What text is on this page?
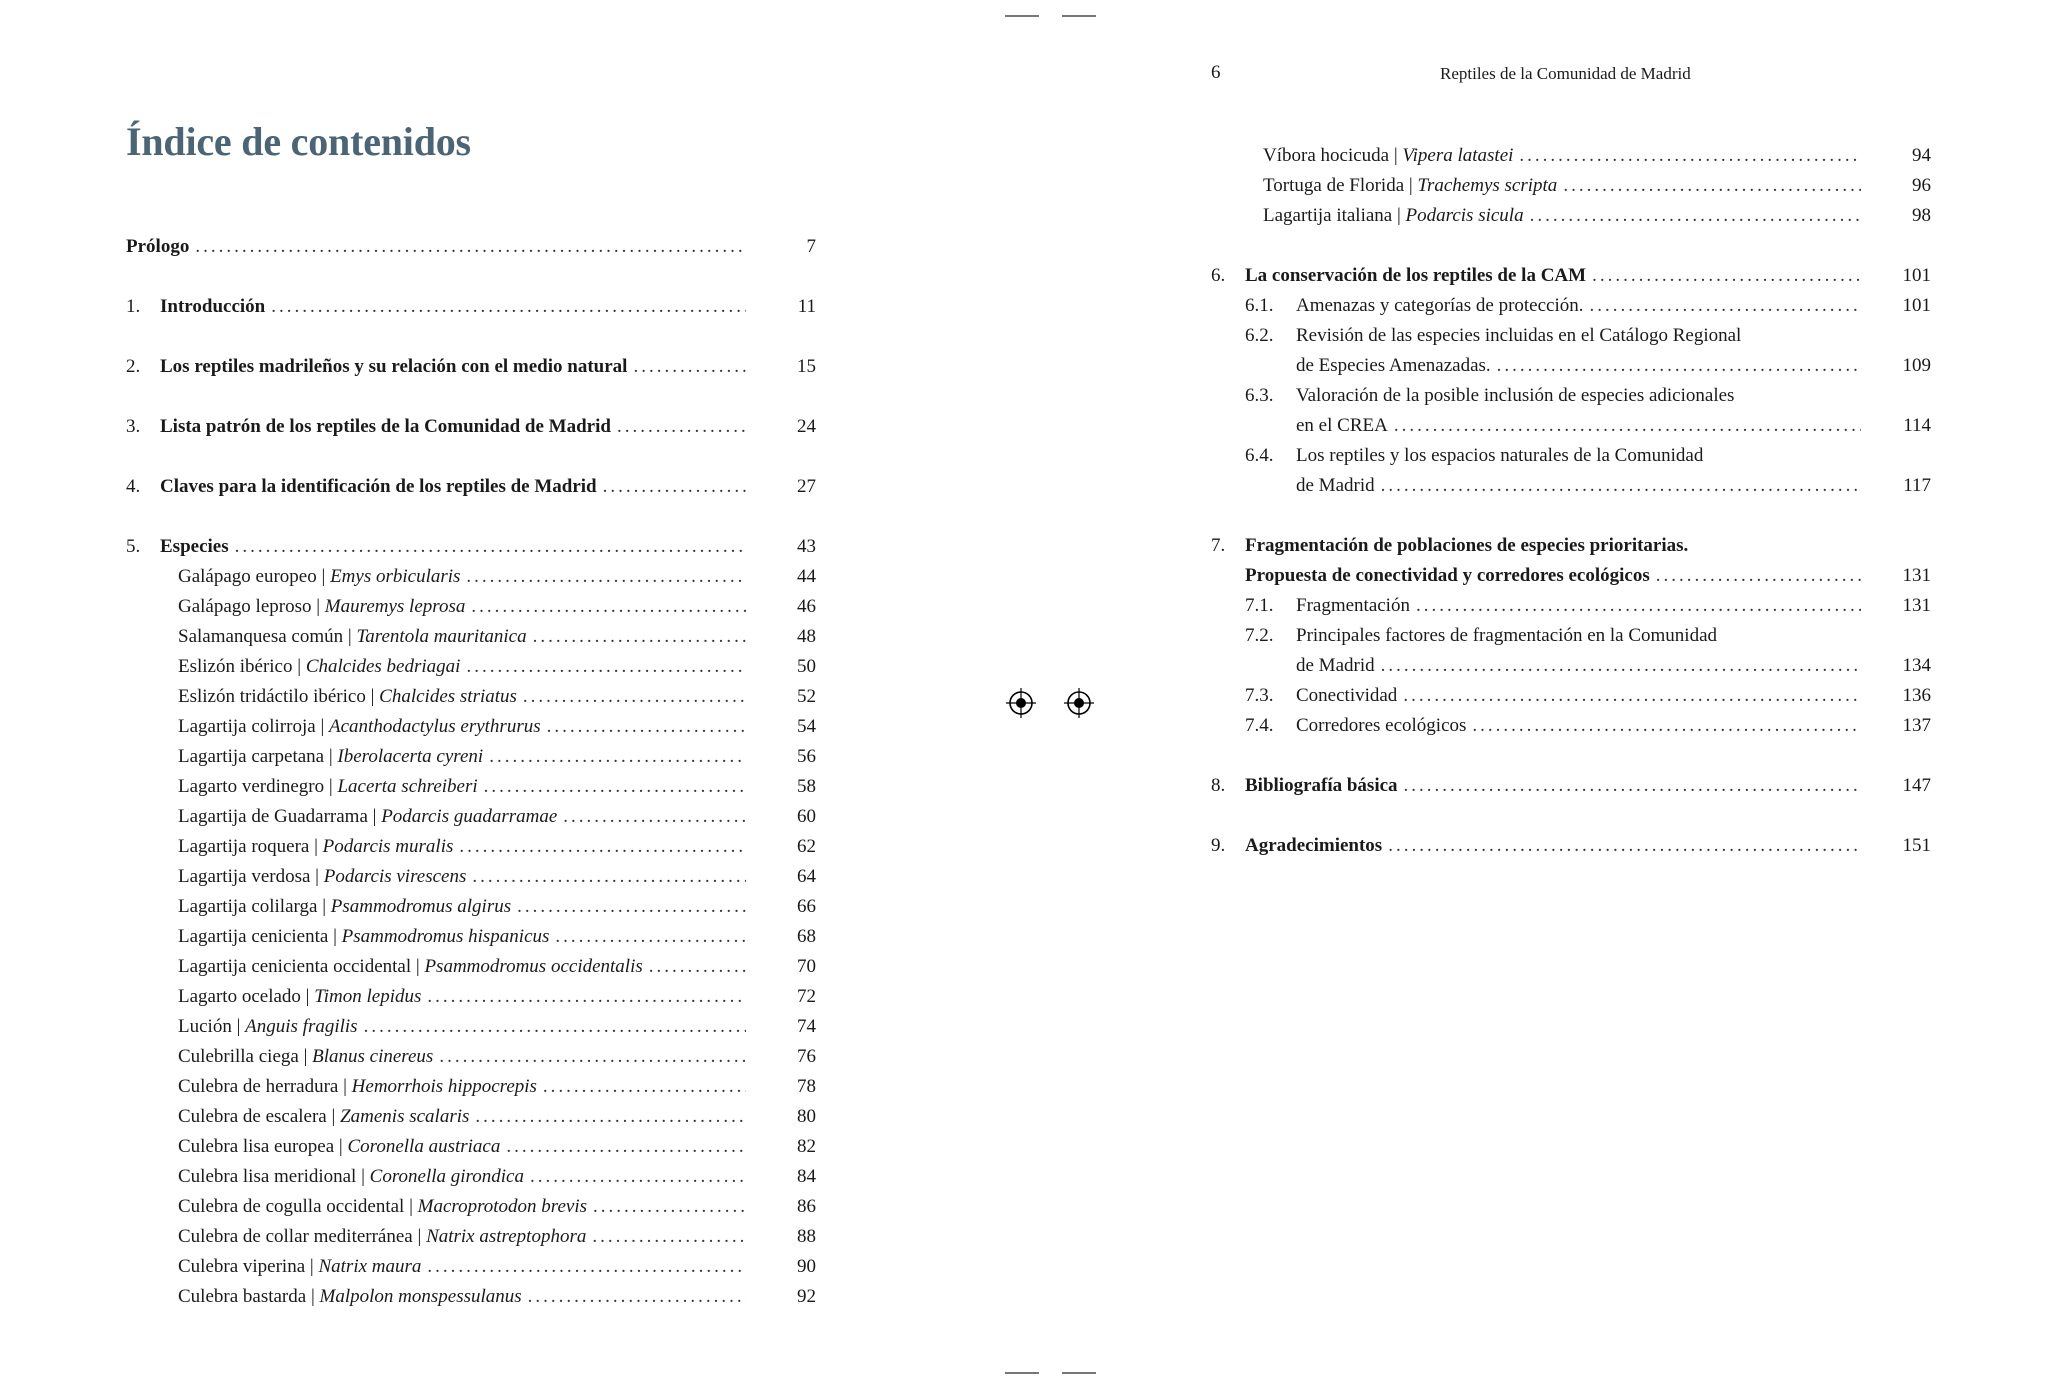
Índice de contenidos
Prólogo .....	7
1.	Introducción .....	11
2.	Los reptiles madrileños y su relación con el medio natural .....	15
3.	Lista patrón de los reptiles de la Comunidad de Madrid .....	24
4.	Claves para la identificación de los reptiles de Madrid .....	27
5.	Especies .....	43
Galápago europeo | Emys orbicularis .....	44
Galápago leproso | Mauremys leprosa .....	46
Salamanquesa común | Tarentola mauritanica .....	48
Eslizón ibérico | Chalcides bedriagai .....	50
Eslizón tridáctilo ibérico | Chalcides striatus .....	52
Lagartija colirroja | Acanthodactylus erythrurus .....	54
Lagartija carpetana | Iberolacerta cyreni .....	56
Lagarto verdinegro | Lacerta schreiberi .....	58
Lagartija de Guadarrama | Podarcis guadarramae .....	60
Lagartija roquera | Podarcis muralis .....	62
Lagartija verdosa | Podarcis virescens .....	64
Lagartija colilarga | Psammodromus algirus .....	66
Lagartija cenicienta | Psammodromus hispanicus .....	68
Lagartija cenicienta occidental | Psammodromus occidentalis .....	70
Lagarto ocelado | Timon lepidus .....	72
Lución | Anguis fragilis .....	74
Culebrilla ciega | Blanus cinereus .....	76
Culebra de herradura | Hemorrhois hippocrepis .....	78
Culebra de escalera | Zamenis scalaris .....	80
Culebra lisa europea | Coronella austriaca .....	82
Culebra lisa meridional | Coronella girondica .....	84
Culebra de cogulla occidental | Macroprotodon brevis .....	86
Culebra de collar mediterránea | Natrix astreptophora .....	88
Culebra viperina | Natrix maura .....	90
Culebra bastarda | Malpolon monspessulanus .....	92
6	Reptiles de la Comunidad de Madrid
Víbora hocicuda | Vipera latastei .....	94
Tortuga de Florida | Trachemys scripta .....	96
Lagartija italiana | Podarcis sicula .....	98
6.	La conservación de los reptiles de la CAM .....	101
6.1.	Amenazas y categorías de protección. .....	101
6.2.	Revisión de las especies incluidas en el Catálogo Regional
de Especies Amenazadas. .....	109
6.3.	Valoración de la posible inclusión de especies adicionales
en el CREA .....	114
6.4.	Los reptiles y los espacios naturales de la Comunidad
de Madrid .....	117
7.	Fragmentación de poblaciones de especies prioritarias.
Propuesta de conectividad y corredores ecológicos .....	131
7.1.	Fragmentación .....	131
7.2.	Principales factores de fragmentación en la Comunidad
de Madrid .....	134
7.3.	Conectividad .....	136
7.4.	Corredores ecológicos .....	137
8.	Bibliografía básica .....	147
9.	Agradecimientos .....	151
